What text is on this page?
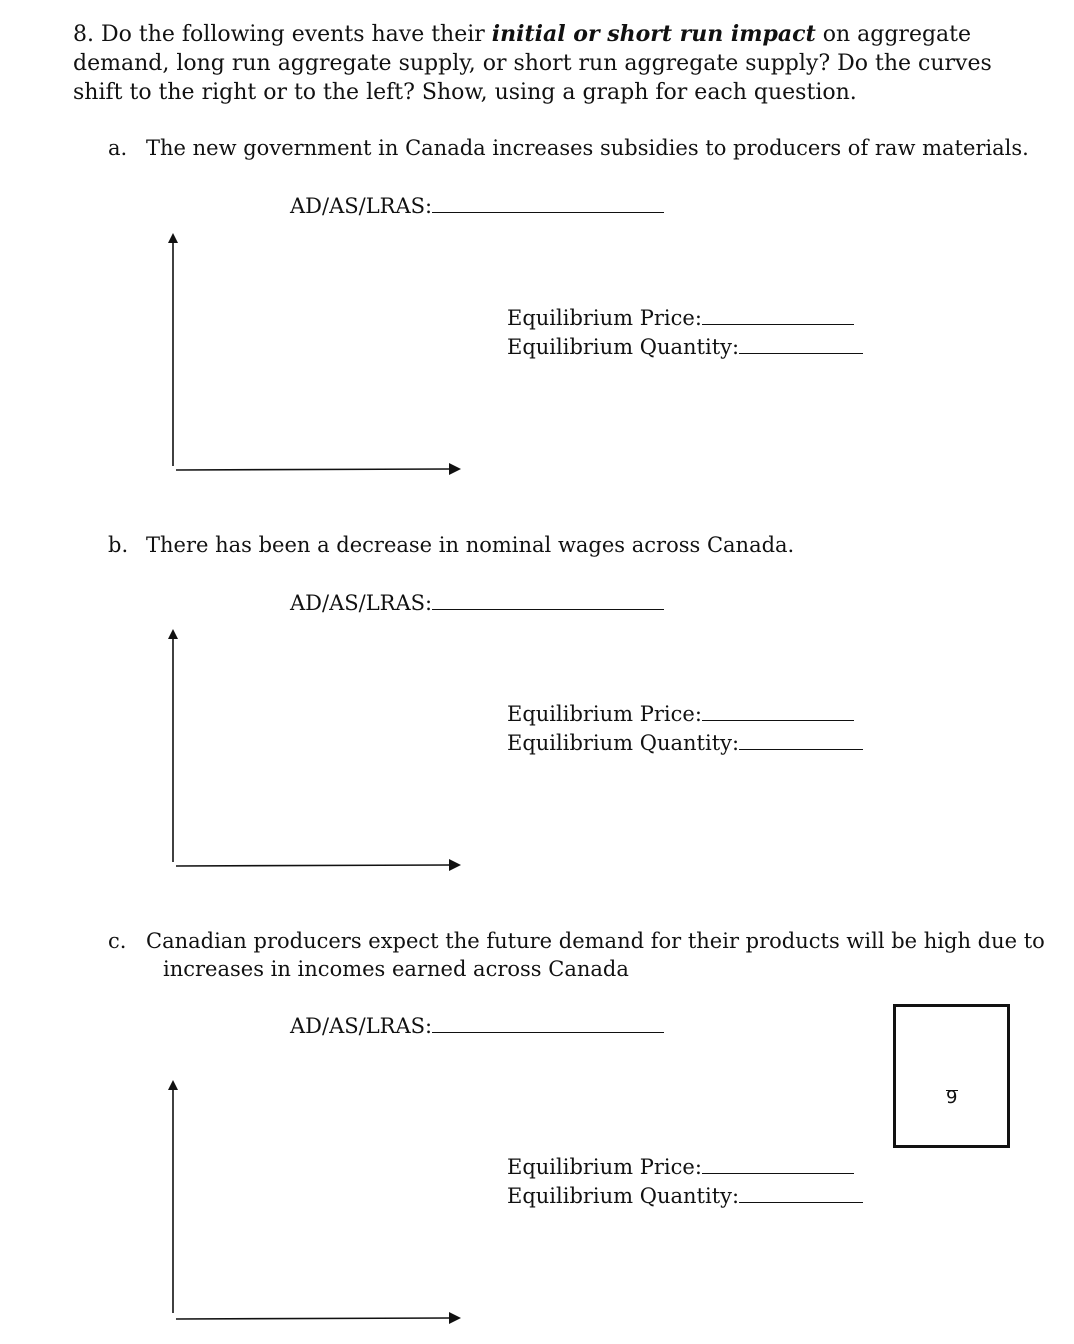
8. Do the following events have their initial or short run impact on aggregate demand, long run aggregate supply, or short run aggregate supply? Do the curves shift to the right or to the left? Show, using a graph for each question.
a. The new government in Canada increases subsidies to producers of raw materials.
AD/AS/LRAS:
Equilibrium Price:
Equilibrium Quantity:
b. There has been a decrease in nominal wages across Canada.
AD/AS/LRAS:
Equilibrium Price:
Equilibrium Quantity:
c. Canadian producers expect the future demand for their products will be high due to
increases in incomes earned across Canada
AD/AS/LRAS:
Equilibrium Price:
Equilibrium Quantity:
9
